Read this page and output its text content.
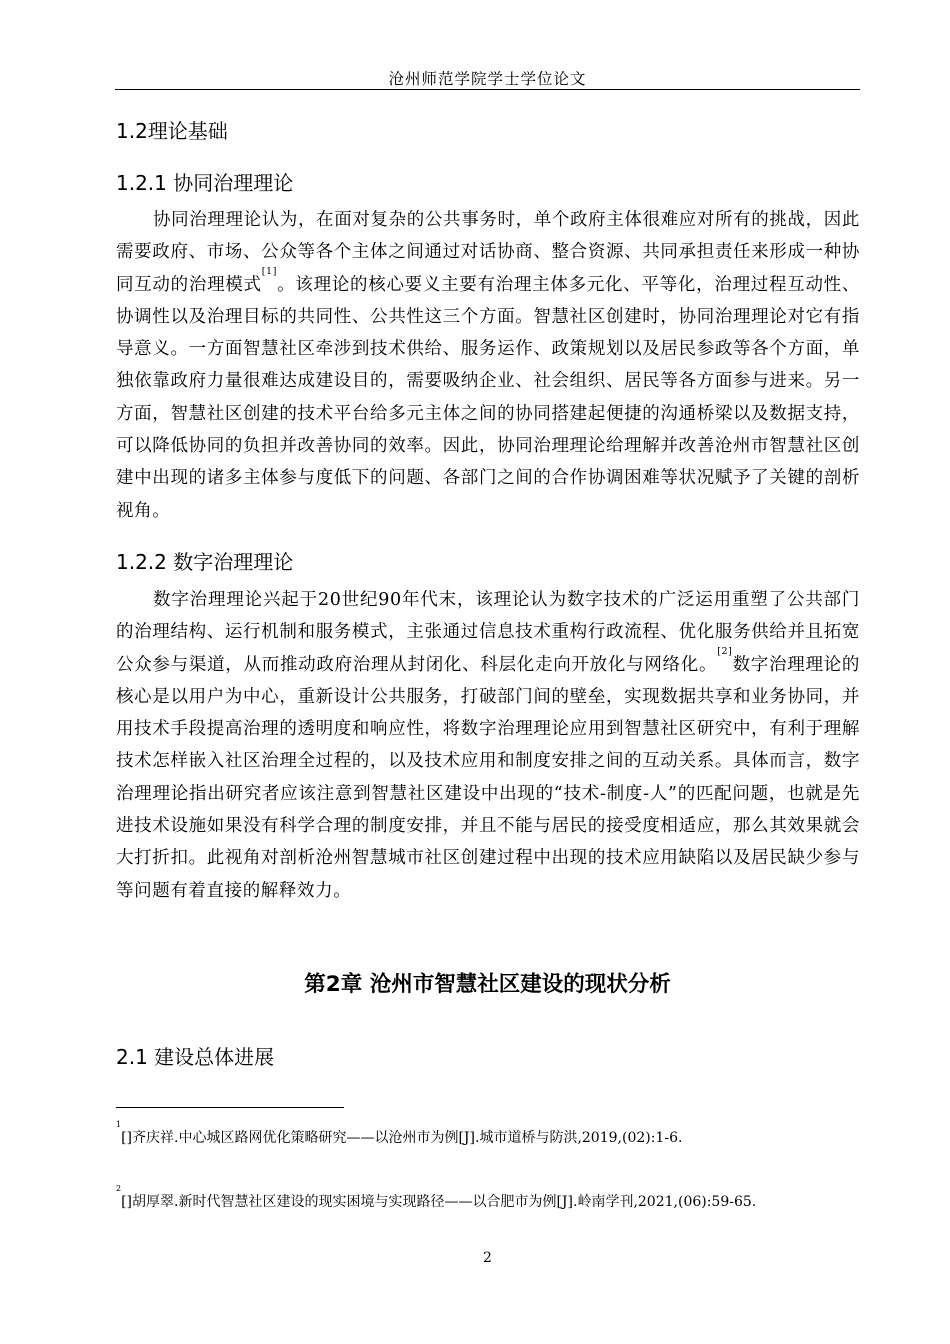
沧州师范学院学士学位论文
1.2理论基础
1.2.1 协同治理理论

协同治理理论认为，在面对复杂的公共事务时，单个政府主体很难应对所有的挑战，因此需要政府、市场、公众等各个主体之间通过对话协商、整合资源、共同承担责任来形成一种协同互动的治理模式[1]。该理论的核心要义主要有治理主体多元化、平等化，治理过程互动性、协调性以及治理目标的共同性、公共性这三个方面。智慧社区创建时，协同治理理论对它有指导意义。一方面智慧社区牵涉到技术供给、服务运作、政策规划以及居民参政等各个方面，单独依靠政府力量很难达成建设目的，需要吸纳企业、社会组织、居民等各方面参与进来。另一方面，智慧社区创建的技术平台给多元主体之间的协同搭建起便捷的沟通桥梁以及数据支持，可以降低协同的负担并改善协同的效率。因此，协同治理理论给理解并改善沧州市智慧社区创建中出现的诸多主体参与度低下的问题、各部门之间的合作协调困难等状况赋予了关键的剖析视角。

1.2.2 数字治理理论

数字治理理论兴起于20世纪90年代末，该理论认为数字技术的广泛运用重塑了公共部门的治理结构、运行机制和服务模式，主张通过信息技术重构行政流程、优化服务供给并且拓宽公众参与渠道，从而推动政府治理从封闭化、科层化走向开放化与网络化。[2]数字治理理论的核心是以用户为中心，重新设计公共服务，打破部门间的壁垒，实现数据共享和业务协同，并用技术手段提高治理的透明度和响应性，将数字治理理论应用到智慧社区研究中，有利于理解技术怎样嵌入社区治理全过程的，以及技术应用和制度安排之间的互动关系。具体而言，数字治理理论指出研究者应该注意到智慧社区建设中出现的“技术-制度-人”的匹配问题，也就是先进技术设施如果没有科学合理的制度安排，并且不能与居民的接受度相适应，那么其效果就会大打折扣。此视角对剖析沧州智慧城市社区创建过程中出现的技术应用缺陷以及居民缺少参与等问题有着直接的解释效力。

第2章 沧州市智慧社区建设的现状分析
2.1 建设总体进展

$^1$[]齐庆祥.中心城区路网优化策略研究——以沧州市为例[J].城市道桥与防洪,2019,(02):1-6.

$^2$[]胡厚翠.新时代智慧社区建设的现实困境与实现路径——以合肥市为例[J].岭南学刊,2021,(06):59-65.

2
